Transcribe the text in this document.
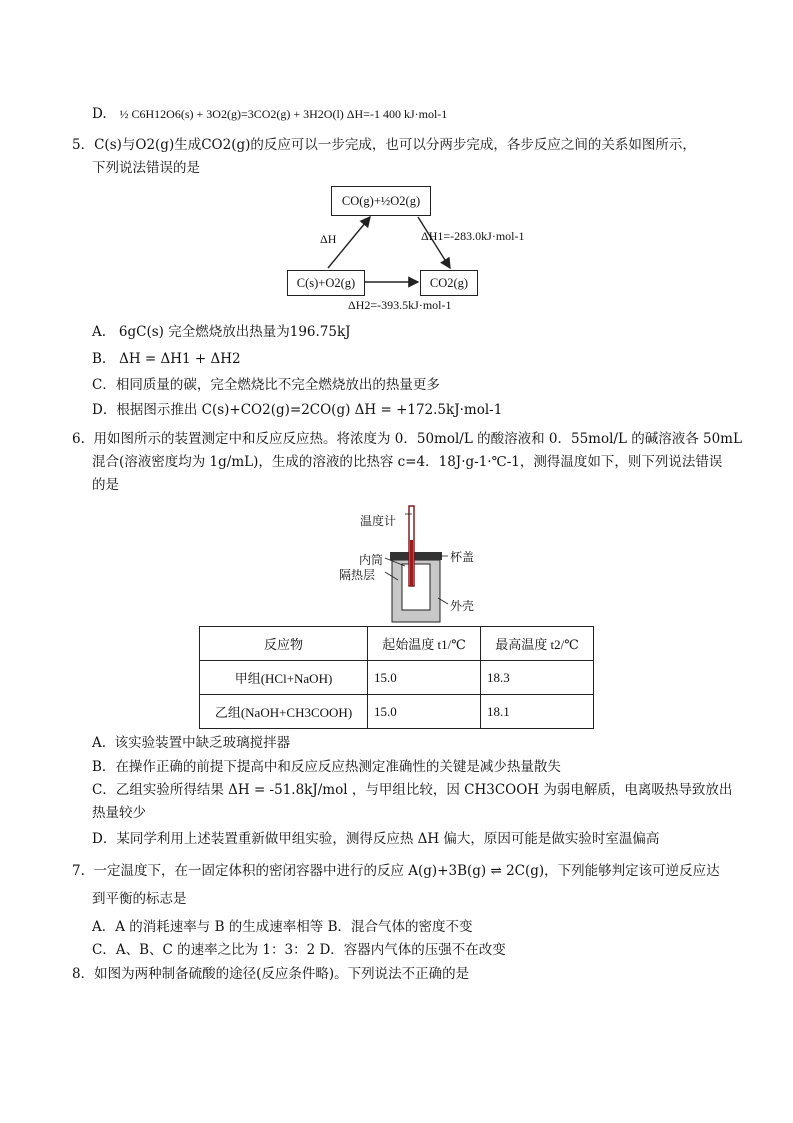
D. ½ C6H12O6(s) + 3O2(g)=3CO2(g) + 3H2O(l) ΔH=-1 400 kJ·mol-1
5．C(s)与O2(g)生成CO2(g)的反应可以一步完成，也可以分两步完成，各步反应之间的关系如图所示，
下列说法错误的是
CO(g)+½O2(g)
C(s)+O2(g)	CO2(g)
ΔH	ΔH1=-283.0kJ·mol-1
ΔH2=-393.5kJ·mol-1
A. 6gC(s) 完全燃烧放出热量为196.75kJ
B. ΔH = ΔH1 + ΔH2
C．相同质量的碳，完全燃烧比不完全燃烧放出的热量更多
D．根据图示推出 C(s)+CO2(g)=2CO(g) ΔH = +172.5kJ·mol-1
6. 用如图所示的装置测定中和反应反应热。将浓度为 0．50mol/L 的酸溶液和 0．55mol/L 的碱溶液各 50mL
混合(溶液密度均为 1g/mL)，生成的溶液的比热容 c=4．18J·g-1·℃-1，测得温度如下，则下列说法错误
的是
温度计
内筒
隔热层
杯盖
外壳
反应物	起始温度 t1/℃	最高温度 t2/℃
甲组(HCl+NaOH)	15.0	18.3
乙组(NaOH+CH3COOH)	15.0	18.1
A. 该实验装置中缺乏玻璃搅拌器
B．在操作正确的前提下提高中和反应反应热测定准确性的关键是减少热量散失
C．乙组实验所得结果 ΔH = -51.8kJ/mol ，与甲组比较，因 CH3COOH 为弱电解质，电离吸热导致放出
热量较少
D．某同学利用上述装置重新做甲组实验，测得反应热 ΔH 偏大，原因可能是做实验时室温偏高
7. 一定温度下，在一固定体积的密闭容器中进行的反应 A(g)+3B(g) ⇌ 2C(g)，下列能够判定该可逆反应达
到平衡的标志是
A．A 的消耗速率与 B 的生成速率相等 B．混合气体的密度不变
C．A、B、C 的速率之比为 1：3：2 D．容器内气体的压强不在改变
8．如图为两种制备硫酸的途径(反应条件略)。下列说法不正确的是
